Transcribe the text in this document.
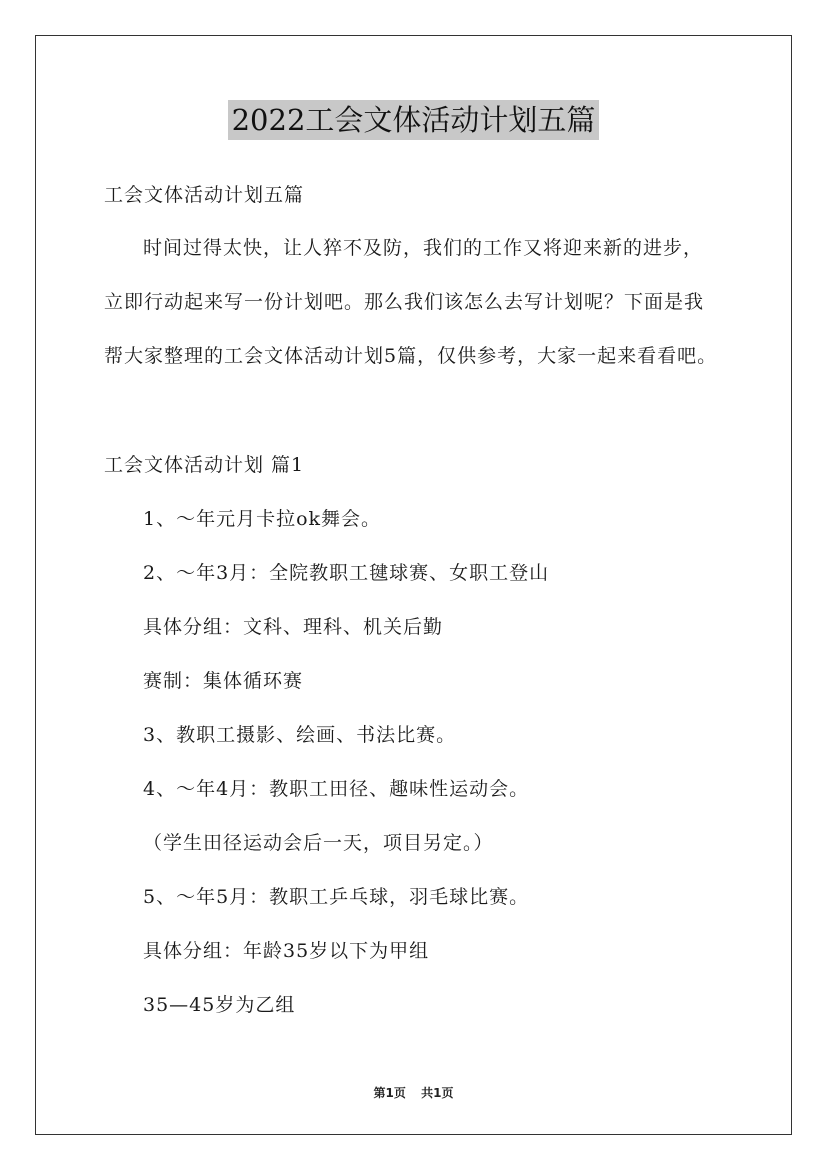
2022工会文体活动计划五篇
工会文体活动计划五篇
时间过得太快，让人猝不及防，我们的工作又将迎来新的进步，
立即行动起来写一份计划吧。那么我们该怎么去写计划呢？下面是我
帮大家整理的工会文体活动计划5篇，仅供参考，大家一起来看看吧。
工会文体活动计划 篇1
1、～年元月卡拉ok舞会。
2、～年3月：全院教职工毽球赛、女职工登山
具体分组：文科、理科、机关后勤
赛制：集体循环赛
3、教职工摄影、绘画、书法比赛。
4、～年4月：教职工田径、趣味性运动会。
（学生田径运动会后一天，项目另定。）
5、～年5月：教职工乒乓球，羽毛球比赛。
具体分组：年龄35岁以下为甲组
35—45岁为乙组
第1页 共1页
